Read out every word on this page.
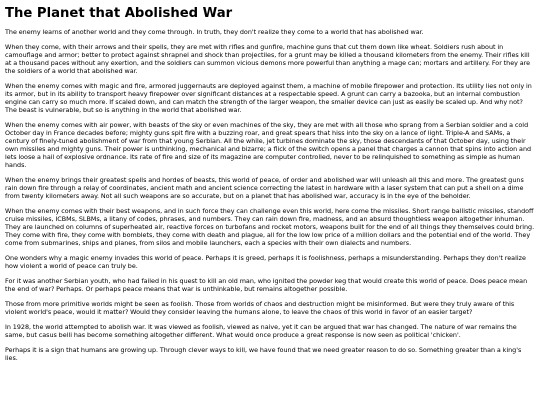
The Planet that Abolished War

The enemy learns of another world and they come through. In truth, they don't realize they come to a world that has abolished war.

When they come, with their arrows and their spells, they are met with rifles and gunfire, machine guns that cut them down like wheat. Soldiers rush about in camouflage and armor; better to protect against shrapnel and shock than projectiles, for a grunt may be killed a thousand kilometers from the enemy. Their rifles kill at a thousand paces without any exertion, and the soldiers can summon vicious demons more powerful than anything a mage can; mortars and artillery. For they are the soldiers of a world that abolished war.

When the enemy comes with magic and fire, armored juggernauts are deployed against them, a machine of mobile firepower and protection. Its utility lies not only in its armor, but in its ability to transport heavy firepower over significant distances at a respectable speed. A grunt can carry a bazooka, but an internal combustion engine can carry so much more. If scaled down, and can match the strength of the larger weapon, the smaller device can just as easily be scaled up. And why not? The beast is vulnerable, but so is anything in the world that abolished war.

When the enemy comes with air power, with beasts of the sky or even machines of the sky, they are met with all those who sprang from a Serbian soldier and a cold October day in France decades before; mighty guns spit fire with a buzzing roar, and great spears that hiss into the sky on a lance of light. Triple-A and SAMs, a century of finely-tuned abolishment of war from that young Serbian. All the while, jet turbines dominate the sky, those descendants of that October day, using their own missiles and mighty guns. Their power is unthinking, mechanical and bizarre; a flick of the switch opens a panel that charges a cannon that spins into action and lets loose a hail of explosive ordnance. Its rate of fire and size of its magazine are computer controlled, never to be relinquished to something as simple as human hands.

When the enemy brings their greatest spells and hordes of beasts, this world of peace, of order and abolished war will unleash all this and more. The greatest guns rain down fire through a relay of coordinates, ancient math and ancient science correcting the latest in hardware with a laser system that can put a shell on a dime from twenty kilometers away. Not all such weapons are so accurate, but on a planet that has abolished war, accuracy is in the eye of the beholder.

When the enemy comes with their best weapons, and in such force they can challenge even this world, here come the missiles. Short range ballistic missiles, standoff cruise missiles, ICBMs, SLBMs, a litany of codes, phrases, and numbers. They can rain down fire, madness, and an absurd thoughtless weapon altogether inhuman. They are launched on columns of superheated air, reactive forces on turbofans and rocket motors, weapons built for the end of all things they themselves could bring. They come with fire, they come with bomblets, they come with death and plague, all for the low low price of a million dollars and the potential end of the world. They come from submarines, ships and planes, from silos and mobile launchers, each a species with their own dialects and numbers.

One wonders why a magic enemy invades this world of peace. Perhaps it is greed, perhaps it is foolishness, perhaps a misunderstanding. Perhaps they don't realize how violent a world of peace can truly be.

For it was another Serbian youth, who had failed in his quest to kill an old man, who ignited the powder keg that would create this world of peace. Does peace mean the end of war? Perhaps. Or perhaps peace means that war is unthinkable, but remains altogether possible.

Those from more primitive worlds might be seen as foolish. Those from worlds of chaos and destruction might be misinformed. But were they truly aware of this violent world's peace, would it matter? Would they consider leaving the humans alone, to leave the chaos of this world in favor of an easier target?

In 1928, the world attempted to abolish war. It was viewed as foolish, viewed as naive, yet it can be argued that war has changed. The nature of war remains the same, but casus belli has become something altogether different. What would once produce a great response is now seen as political 'chicken'.

Perhaps it is a sign that humans are growing up. Through clever ways to kill, we have found that we need greater reason to do so. Something greater than a king's lies.
